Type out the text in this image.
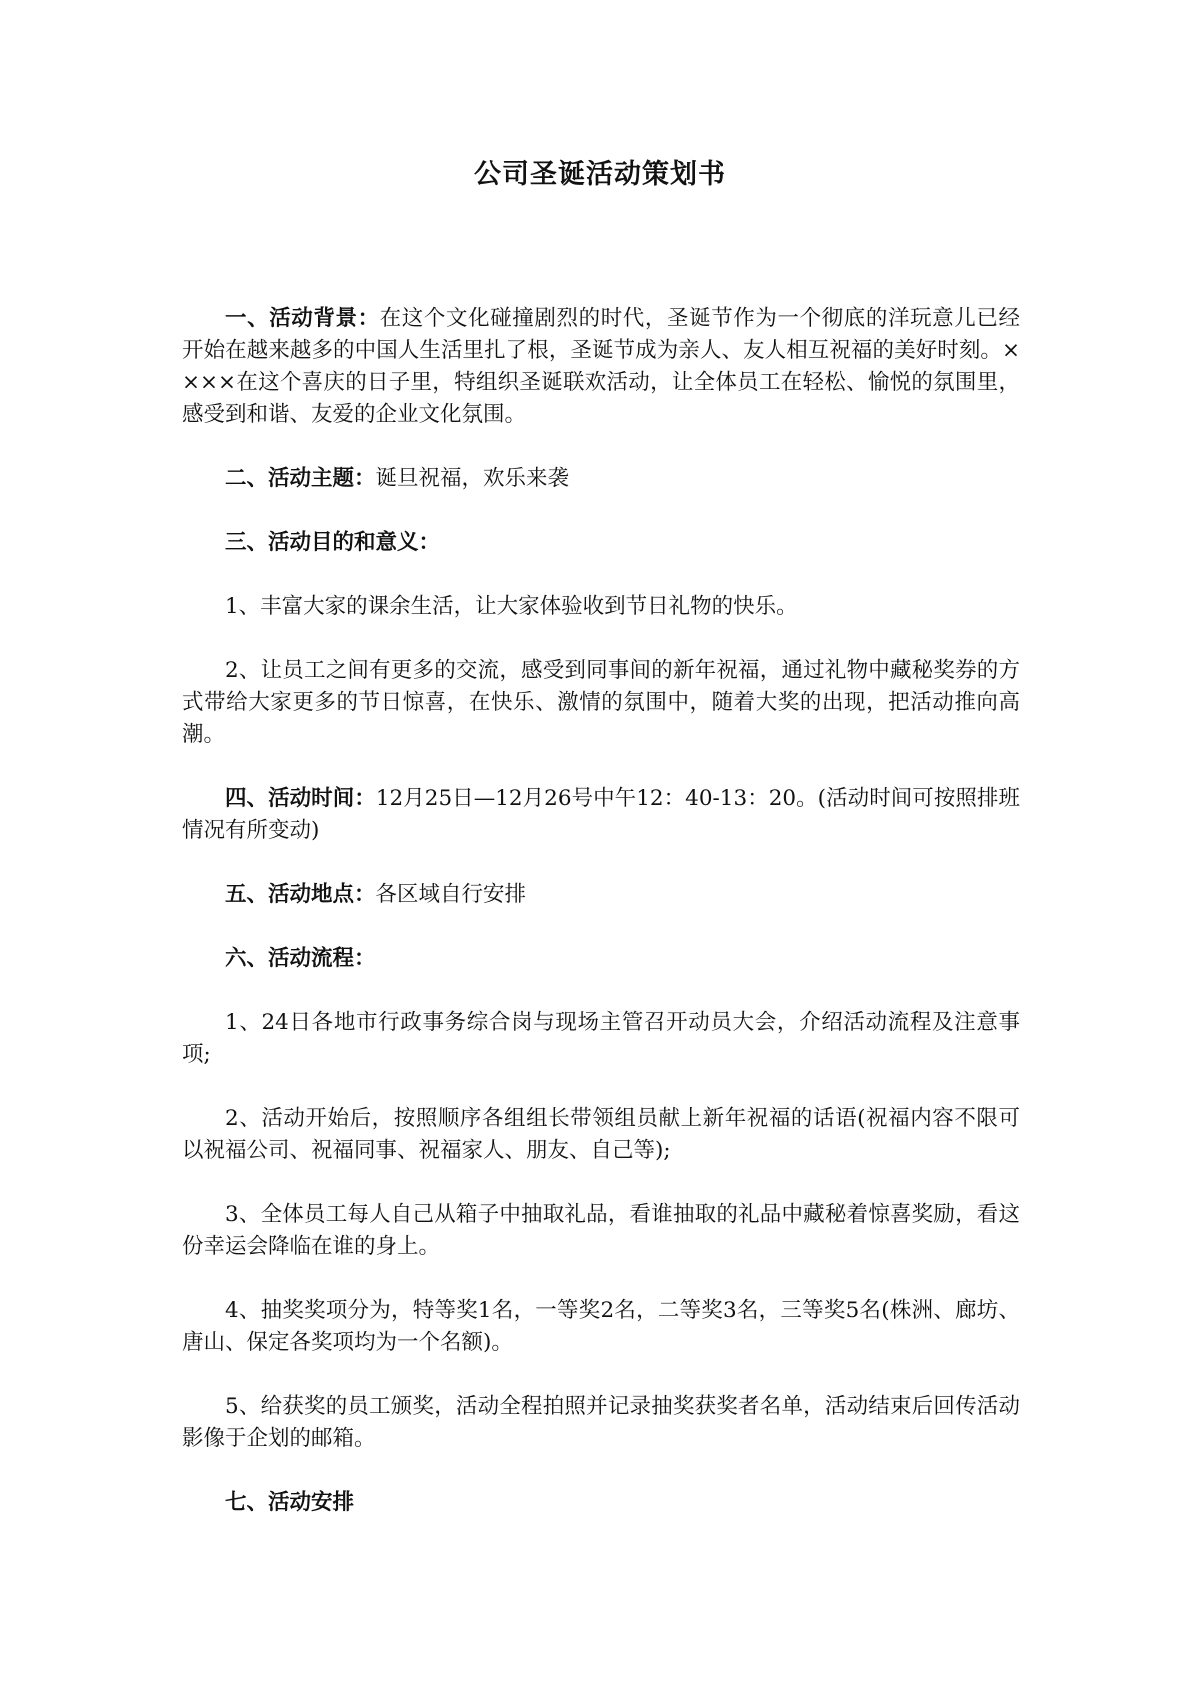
公司圣诞活动策划书

一、活动背景：在这个文化碰撞剧烈的时代，圣诞节作为一个彻底的洋玩意儿已经开始在越来越多的中国人生活里扎了根，圣诞节成为亲人、友人相互祝福的美好时刻。××××在这个喜庆的日子里，特组织圣诞联欢活动，让全体员工在轻松、愉悦的氛围里，感受到和谐、友爱的企业文化氛围。

二、活动主题：诞旦祝福，欢乐来袭

三、活动目的和意义：

1、丰富大家的课余生活，让大家体验收到节日礼物的快乐。

2、让员工之间有更多的交流，感受到同事间的新年祝福，通过礼物中藏秘奖券的方式带给大家更多的节日惊喜，在快乐、激情的氛围中，随着大奖的出现，把活动推向高潮。

四、活动时间：12月25日—12月26号中午12：40-13：20。(活动时间可按照排班情况有所变动)

五、活动地点：各区域自行安排

六、活动流程：

1、24日各地市行政事务综合岗与现场主管召开动员大会，介绍活动流程及注意事项;

2、活动开始后，按照顺序各组组长带领组员献上新年祝福的话语(祝福内容不限可以祝福公司、祝福同事、祝福家人、朋友、自己等);

3、全体员工每人自己从箱子中抽取礼品，看谁抽取的礼品中藏秘着惊喜奖励，看这份幸运会降临在谁的身上。

4、抽奖奖项分为，特等奖1名，一等奖2名，二等奖3名，三等奖5名(株洲、廊坊、唐山、保定各奖项均为一个名额)。

5、给获奖的员工颁奖，活动全程拍照并记录抽奖获奖者名单，活动结束后回传活动影像于企划的邮箱。

七、活动安排
